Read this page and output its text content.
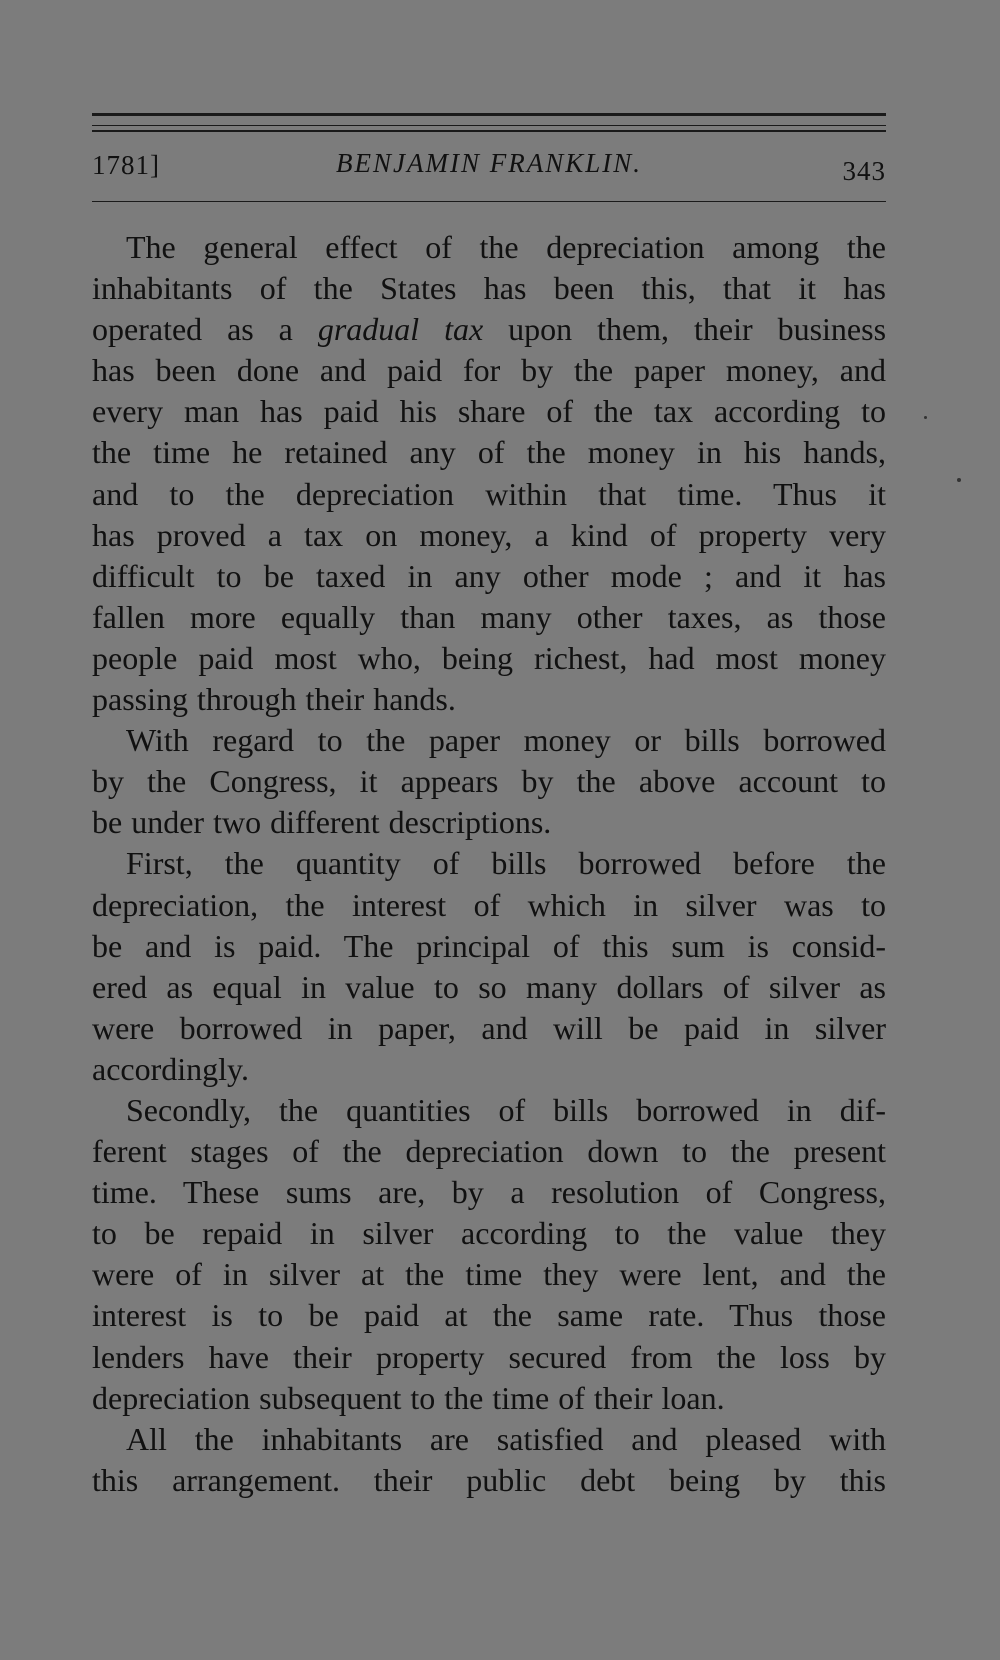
1781]	BENJAMIN FRANKLIN.	343
The general effect of the depreciation among the
inhabitants of the States has been this, that it has
operated as a gradual tax upon them, their business
has been done and paid for by the paper money, and
every man has paid his share of the tax according to
the time he retained any of the money in his hands,
and to the depreciation within that time. Thus it
has proved a tax on money, a kind of property very
difficult to be taxed in any other mode ; and it has
fallen more equally than many other taxes, as those
people paid most who, being richest, had most money
passing through their hands.
With regard to the paper money or bills borrowed
by the Congress, it appears by the above account to
be under two different descriptions.
First, the quantity of bills borrowed before the
depreciation, the interest of which in silver was to
be and is paid. The principal of this sum is consid-
ered as equal in value to so many dollars of silver as
were borrowed in paper, and will be paid in silver
accordingly.
Secondly, the quantities of bills borrowed in dif-
ferent stages of the depreciation down to the present
time. These sums are, by a resolution of Congress,
to be repaid in silver according to the value they
were of in silver at the time they were lent, and the
interest is to be paid at the same rate. Thus those
lenders have their property secured from the loss by
depreciation subsequent to the time of their loan.
All the inhabitants are satisfied and pleased with
this arrangement. their public debt being by this
